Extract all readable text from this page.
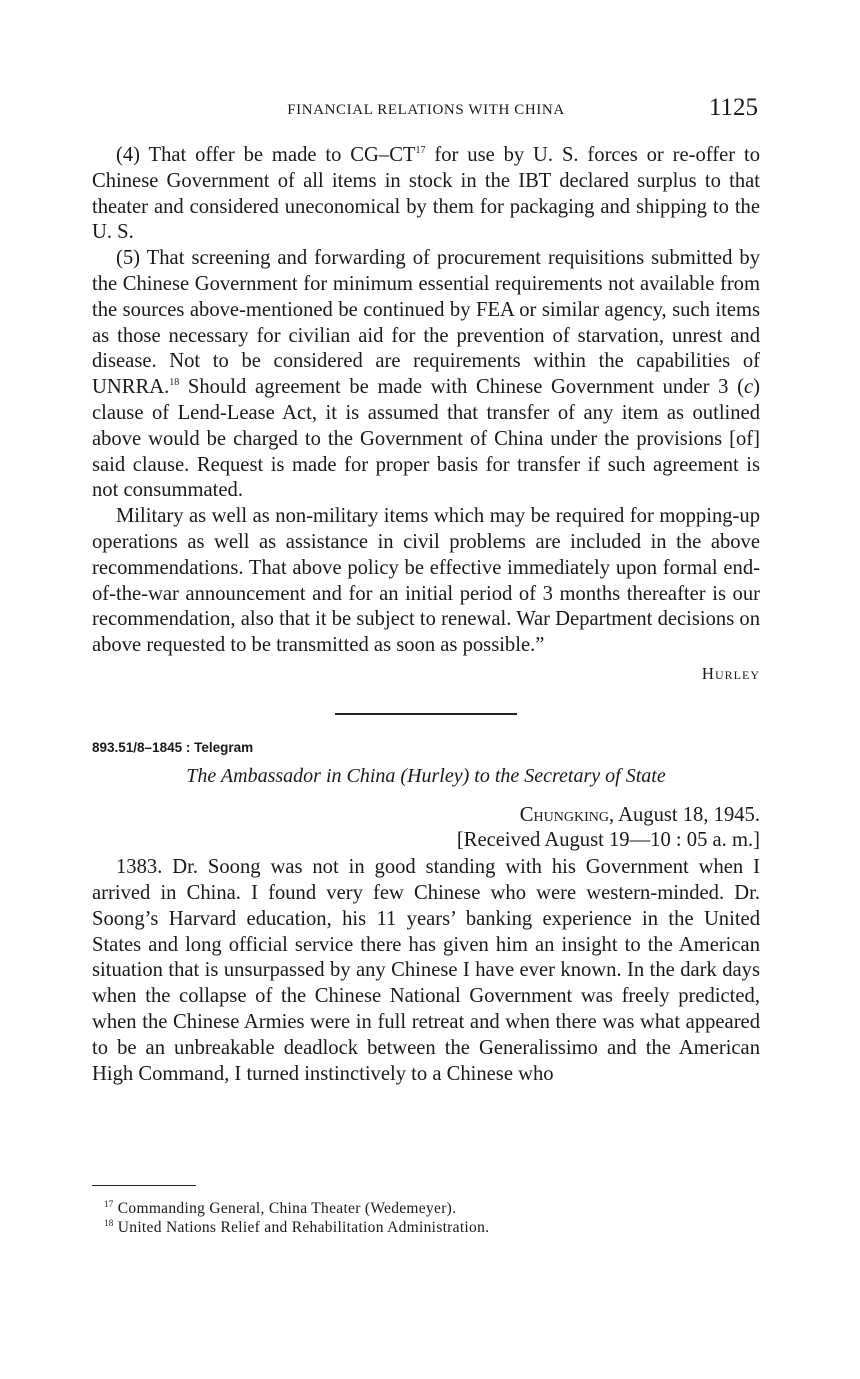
FINANCIAL RELATIONS WITH CHINA	1125

(4) That offer be made to CG–CT$^{17}$ for use by U. S. forces or re-offer to Chinese Government of all items in stock in the IBT declared surplus to that theater and considered uneconomical by them for packaging and shipping to the U. S.

(5) That screening and forwarding of procurement requisitions submitted by the Chinese Government for minimum essential requirements not available from the sources above-mentioned be continued by FEA or similar agency, such items as those necessary for civilian aid for the prevention of starvation, unrest and disease. Not to be considered are requirements within the capabilities of UNRRA.$^{18}$ Should agreement be made with Chinese Government under 3 (c) clause of Lend-Lease Act, it is assumed that transfer of any item as outlined above would be charged to the Government of China under the provisions [of] said clause. Request is made for proper basis for transfer if such agreement is not consummated.

Military as well as non-military items which may be required for mopping-up operations as well as assistance in civil problems are included in the above recommendations. That above policy be effective immediately upon formal end-of-the-war announcement and for an initial period of 3 months thereafter is our recommendation, also that it be subject to renewal. War Department decisions on above requested to be transmitted as soon as possible.”

Hurley
893.51/8–1845 : Telegram
The Ambassador in China (Hurley) to the Secretary of State
Chungking, August 18, 1945.
[Received August 19—10 : 05 a. m.]

1383. Dr. Soong was not in good standing with his Government when I arrived in China. I found very few Chinese who were western-minded. Dr. Soong’s Harvard education, his 11 years’ banking experience in the United States and long official service there has given him an insight to the American situation that is unsurpassed by any Chinese I have ever known. In the dark days when the collapse of the Chinese National Government was freely predicted, when the Chinese Armies were in full retreat and when there was what appeared to be an unbreakable deadlock between the Generalissimo and the American High Command, I turned instinctively to a Chinese who

$^{17}$ Commanding General, China Theater (Wedemeyer).

$^{18}$ United Nations Relief and Rehabilitation Administration.
